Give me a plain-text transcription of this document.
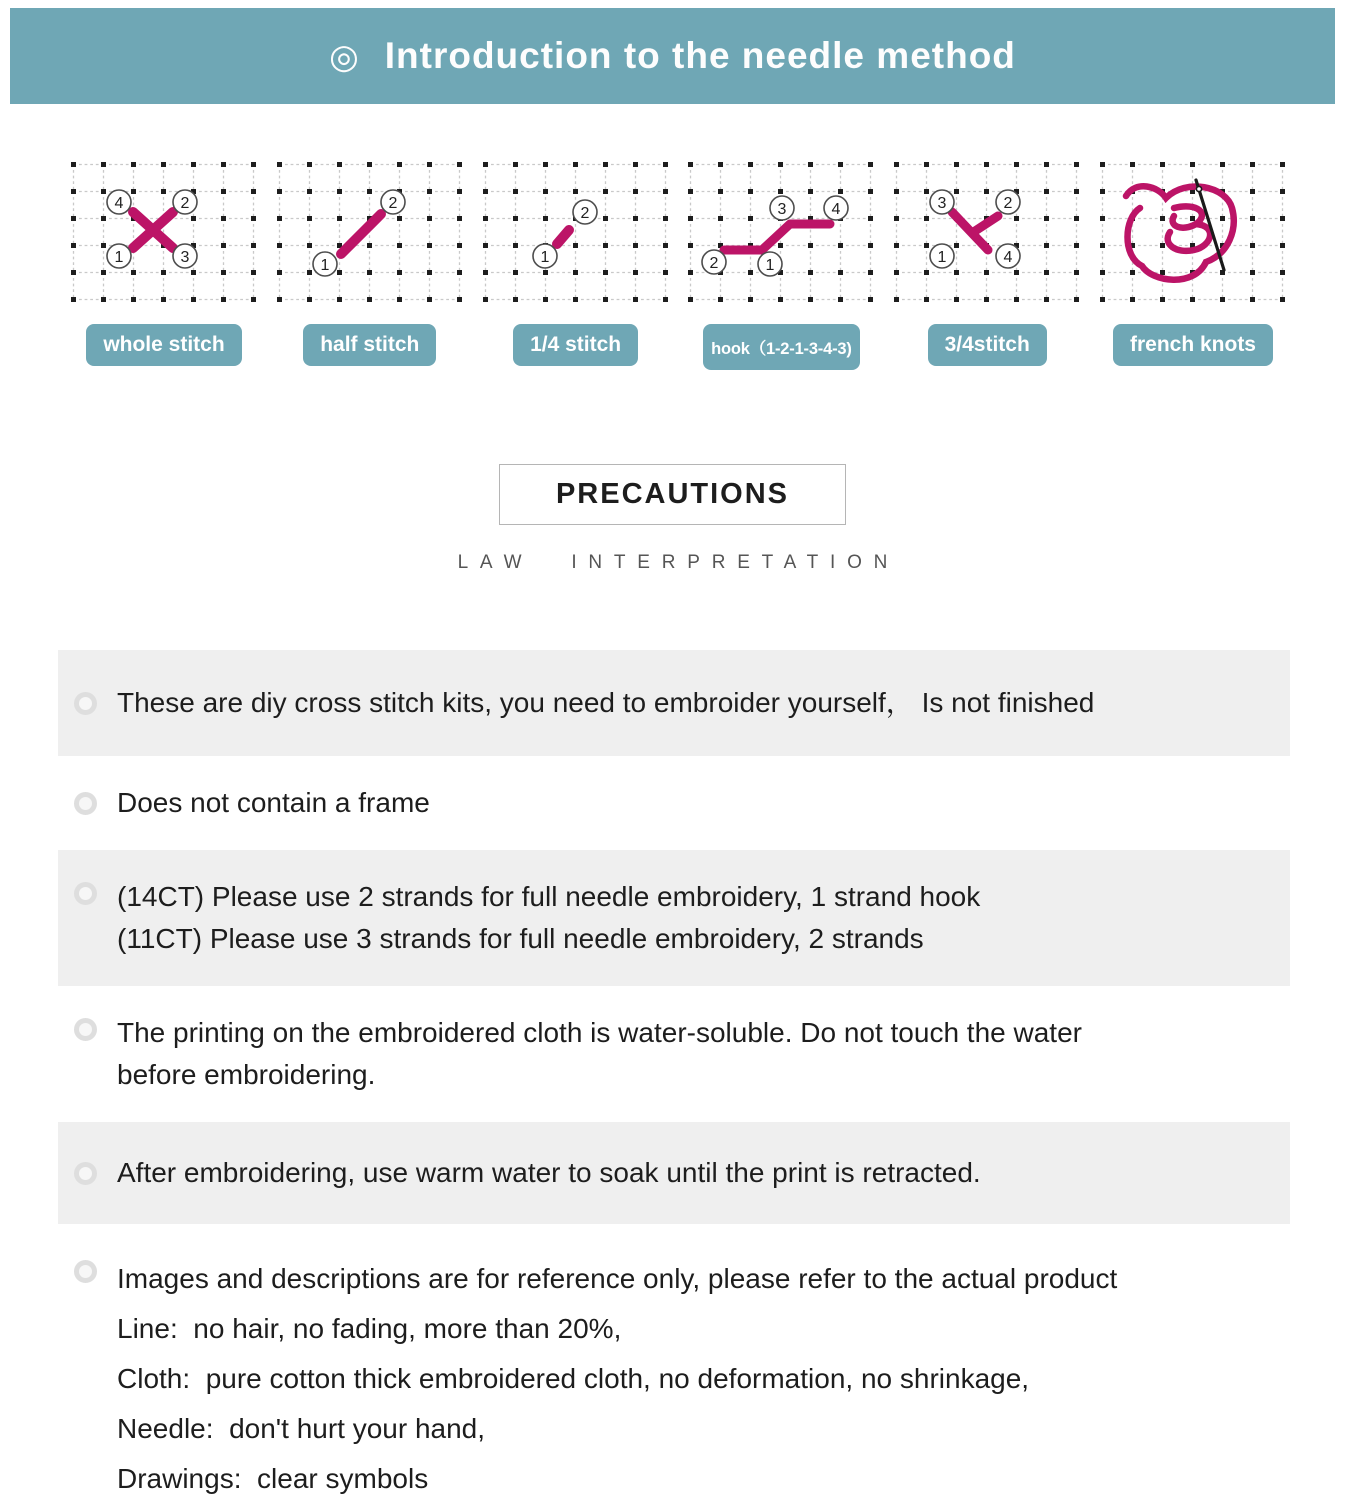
◎ Introduction to the needle method
4	2
1	3
whole stitch
1
2
half stitch
2
1
1/4 stitch
3	4
2	1
hook（1-2-1-3-4-3)
3	2
1	4
3/4stitch	french knots
PRECAUTIONS
LAW INTERPRETATION
These are diy cross stitch kits, you need to embroider yourself， Is not finished
Does not contain a frame
(14CT) Please use 2 strands for full needle embroidery, 1 strand hook
(11CT) Please use 3 strands for full needle embroidery, 2 strands
The printing on the embroidered cloth is water-soluble. Do not touch the water
before embroidering.
After embroidering, use warm water to soak until the print is retracted.
Images and descriptions are for reference only, please refer to the actual product
Line:  no hair, no fading, more than 20%,
Cloth:  pure cotton thick embroidered cloth, no deformation, no shrinkage,
Needle:  don't hurt your hand,
Drawings:  clear symbols
